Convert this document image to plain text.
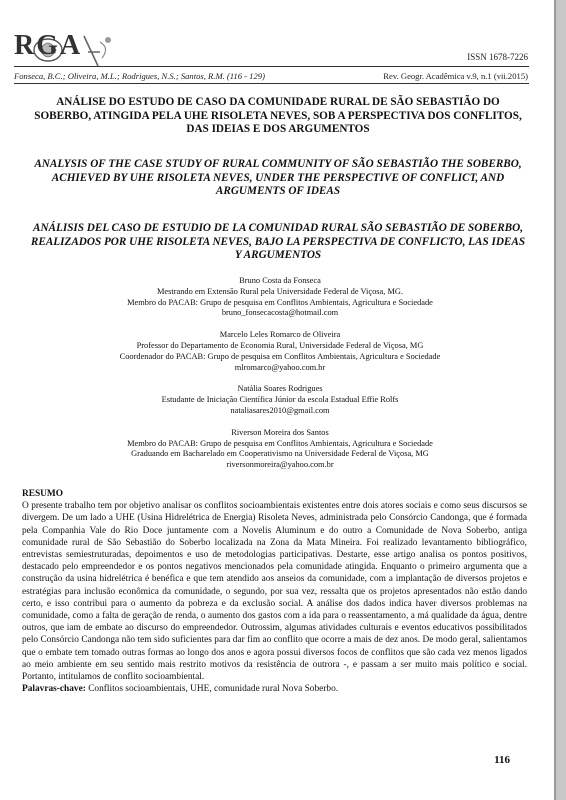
RGA	ISSN 1678-7226
Fonseca, B.C.; Oliveira, M.L.; Rodrigues, N.S.; Santos, R.M. (116 - 129)	Rev. Geogr. Acadêmica v.9, n.1 (vii.2015)
ANÁLISE DO ESTUDO DE CASO DA COMUNIDADE RURAL DE SÃO SEBASTIÃO DO SOBERBO, ATINGIDA PELA UHE RISOLETA NEVES, SOB A PERSPECTIVA DOS CONFLITOS, DAS IDEIAS E DOS ARGUMENTOS
ANALYSIS OF THE CASE STUDY OF RURAL COMMUNITY OF SÃO SEBASTIÃO THE SOBERBO, ACHIEVED BY UHE RISOLETA NEVES, UNDER THE PERSPECTIVE OF CONFLICT, AND ARGUMENTS OF IDEAS
ANÁLISIS DEL CASO DE ESTUDIO DE LA COMUNIDAD RURAL SÃO SEBASTIÃO DE SOBERBO, REALIZADOS POR UHE RISOLETA NEVES, BAJO LA PERSPECTIVA DE CONFLICTO, LAS IDEAS Y ARGUMENTOS
Bruno Costa da Fonseca
Mestrando em Extensão Rural pela Universidade Federal de Viçosa, MG.
Membro do PACAB: Grupo de pesquisa em Conflitos Ambientais, Agricultura e Sociedade
bruno_fonsecacosta@hotmail.com
Marcelo Leles Romarco de Oliveira
Professor do Departamento de Economia Rural, Universidade Federal de Viçosa, MG
Coordenador do PACAB: Grupo de pesquisa em Conflitos Ambientais, Agricultura e Sociedade
mlromarco@yahoo.com.br
Natália Soares Rodrigues
Estudante de Iniciação Científica Júnior da escola Estadual Effie Rolfs
nataliasares2010@gmail.com
Riverson Moreira dos Santos
Membro do PACAB: Grupo de pesquisa em Conflitos Ambientais, Agricultura e Sociedade
Graduando em Bacharelado em Cooperativismo na Universidade Federal de Viçosa, MG
riversonmoreira@yahoo.com.br
RESUMO
O presente trabalho tem por objetivo analisar os conflitos socioambientais existentes entre dois atores sociais e como seus discursos se divergem. De um lado a UHE (Usina Hidrelétrica de Energia) Risoleta Neves, administrada pelo Consórcio Candonga, que é formada pela Companhia Vale do Rio Doce juntamente com a Novelis Aluminum e do outro a Comunidade de Nova Soberbo, antiga comunidade rural de São Sebastião do Soberbo localizada na Zona da Mata Mineira. Foi realizado levantamento bibliográfico, entrevistas semiestruturadas, depoimentos e uso de metodologias participativas. Destarte, esse artigo analisa os pontos positivos, destacado pelo empreendedor e os pontos negativos mencionados pela comunidade atingida. Enquanto o primeiro argumenta que a construção da usina hidrelétrica é benéfica e que tem atendido aos anseios da comunidade, com a implantação de diversos projetos e estratégias para inclusão econômica da comunidade, o segundo, por sua vez, ressalta que os projetos apresentados não estão dando certo, e isso contribui para o aumento da pobreza e da exclusão social. A análise dos dados indica haver diversos problemas na comunidade, como a falta de geração de renda, o aumento dos gastos com a ida para o reassentamento, a má qualidade da água, dentre outros, que iam de embate ao discurso do empreendedor. Outrossim, algumas atividades culturais e eventos educativos possibilitados pelo Consórcio Candonga não tem sido suficientes para dar fim ao conflito que ocorre a mais de dez anos. De modo geral, salientamos que o embate tem tomado outras formas ao longo dos anos e agora possui diversos focos de conflitos que são cada vez menos ligados ao meio ambiente em seu sentido mais restrito motivos da resistência de outrora -, e passam a ser muito mais político e social. Portanto, intitulamos de conflito socioambiental.
Palavras-chave: Conflitos socioambientais, UHE, comunidade rural Nova Soberbo.
116
